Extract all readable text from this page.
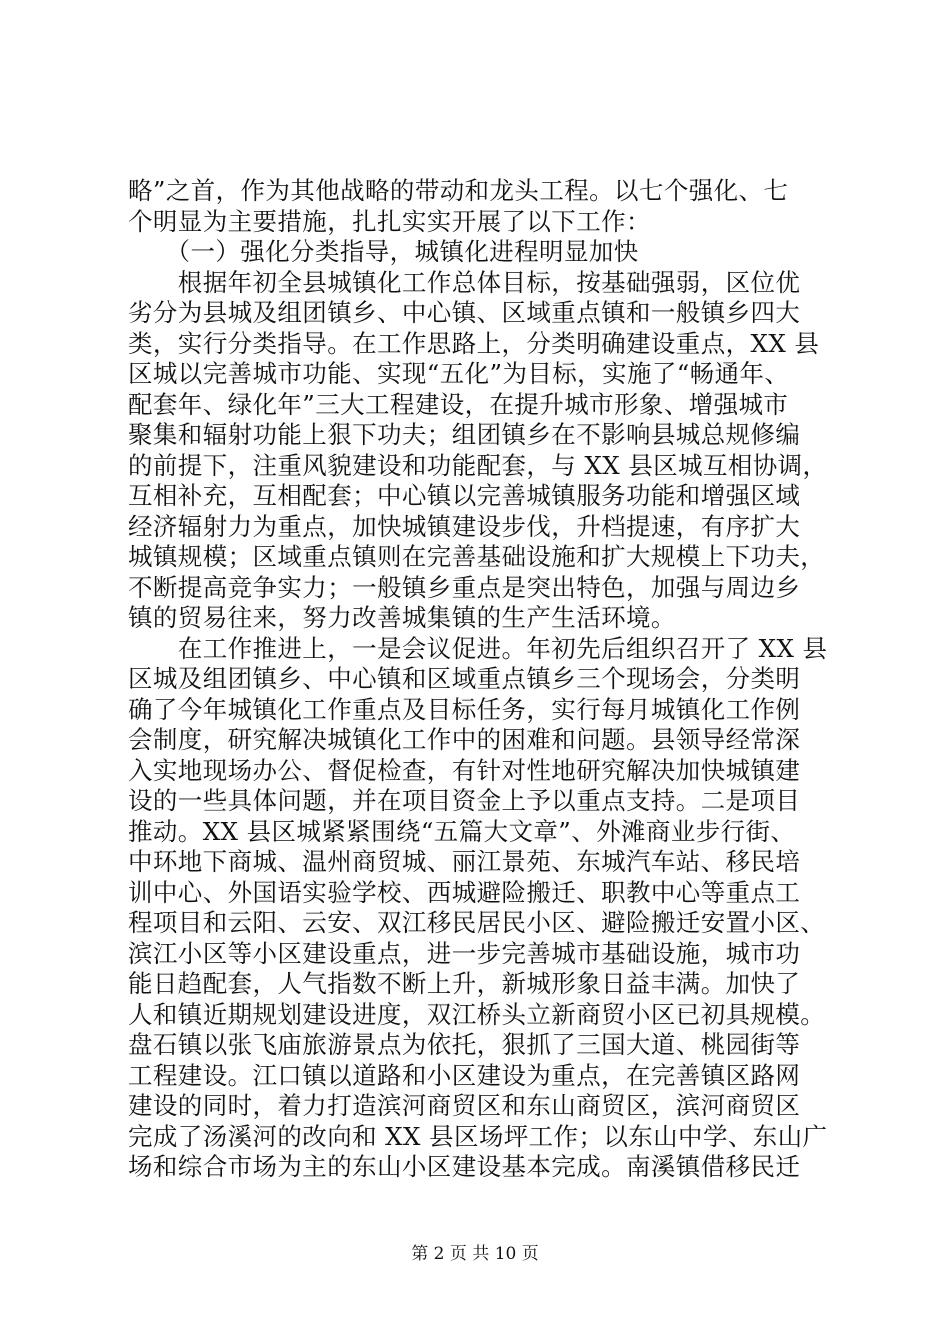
略”之首，作为其他战略的带动和龙头工程。以七个强化、七
个明显为主要措施，扎扎实实开展了以下工作：
　　（一）强化分类指导，城镇化进程明显加快
　　根据年初全县城镇化工作总体目标，按基础强弱，区位优
劣分为县城及组团镇乡、中心镇、区域重点镇和一般镇乡四大
类，实行分类指导。在工作思路上，分类明确建设重点，XX 县
区城以完善城市功能、实现“五化”为目标，实施了“畅通年、
配套年、绿化年”三大工程建设，在提升城市形象、增强城市
聚集和辐射功能上狠下功夫；组团镇乡在不影响县城总规修编
的前提下，注重风貌建设和功能配套，与 XX 县区城互相协调，
互相补充，互相配套；中心镇以完善城镇服务功能和增强区域
经济辐射力为重点，加快城镇建设步伐，升档提速，有序扩大
城镇规模；区域重点镇则在完善基础设施和扩大规模上下功夫，
不断提高竞争实力；一般镇乡重点是突出特色，加强与周边乡
镇的贸易往来，努力改善城集镇的生产生活环境。
　　在工作推进上，一是会议促进。年初先后组织召开了 XX 县
区城及组团镇乡、中心镇和区域重点镇乡三个现场会，分类明
确了今年城镇化工作重点及目标任务，实行每月城镇化工作例
会制度，研究解决城镇化工作中的困难和问题。县领导经常深
入实地现场办公、督促检查，有针对性地研究解决加快城镇建
设的一些具体问题，并在项目资金上予以重点支持。二是项目
推动。XX 县区城紧紧围绕“五篇大文章”、外滩商业步行街、
中环地下商城、温州商贸城、丽江景苑、东城汽车站、移民培
训中心、外国语实验学校、西城避险搬迁、职教中心等重点工
程项目和云阳、云安、双江移民居民小区、避险搬迁安置小区、
滨江小区等小区建设重点，进一步完善城市基础设施，城市功
能日趋配套，人气指数不断上升，新城形象日益丰满。加快了
人和镇近期规划建设进度，双江桥头立新商贸小区已初具规模。
盘石镇以张飞庙旅游景点为依托，狠抓了三国大道、桃园街等
工程建设。江口镇以道路和小区建设为重点，在完善镇区路网
建设的同时，着力打造滨河商贸区和东山商贸区，滨河商贸区
完成了汤溪河的改向和 XX 县区场坪工作；以东山中学、东山广
场和综合市场为主的东山小区建设基本完成。南溪镇借移民迁
第 2 页 共 10 页
